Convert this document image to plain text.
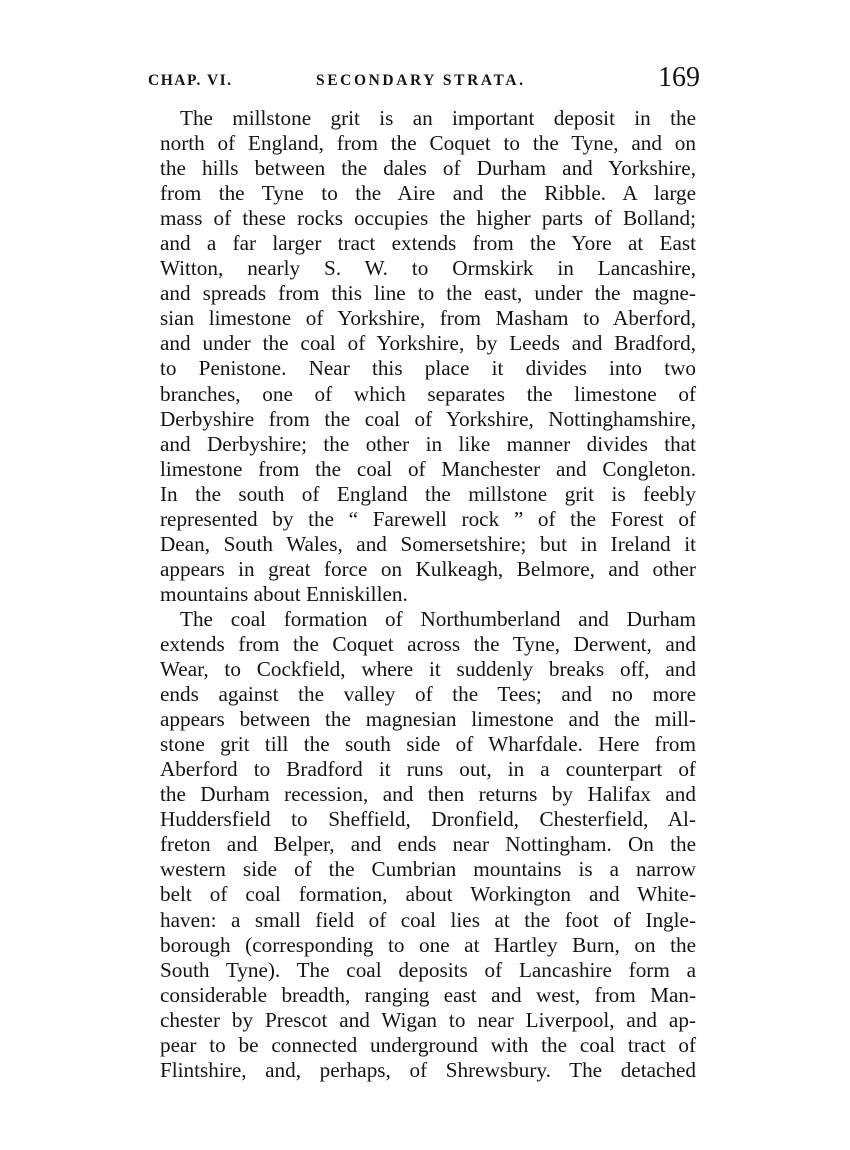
CHAP. VI.	SECONDARY STRATA.	169
The millstone grit is an important deposit in the
north of England, from the Coquet to the Tyne, and on
the hills between the dales of Durham and Yorkshire,
from the Tyne to the Aire and the Ribble. A large
mass of these rocks occupies the higher parts of Bolland;
and a far larger tract extends from the Yore at East
Witton, nearly S. W. to Ormskirk in Lancashire,
and spreads from this line to the east, under the magne-
sian limestone of Yorkshire, from Masham to Aberford,
and under the coal of Yorkshire, by Leeds and Bradford,
to Penistone. Near this place it divides into two
branches, one of which separates the limestone of
Derbyshire from the coal of Yorkshire, Nottinghamshire,
and Derbyshire; the other in like manner divides that
limestone from the coal of Manchester and Congleton.
In the south of England the millstone grit is feebly
represented by the “ Farewell rock ” of the Forest of
Dean, South Wales, and Somersetshire; but in Ireland it
appears in great force on Kulkeagh, Belmore, and other
mountains about Enniskillen.
The coal formation of Northumberland and Durham
extends from the Coquet across the Tyne, Derwent, and
Wear, to Cockfield, where it suddenly breaks off, and
ends against the valley of the Tees; and no more
appears between the magnesian limestone and the mill-
stone grit till the south side of Wharfdale. Here from
Aberford to Bradford it runs out, in a counterpart of
the Durham recession, and then returns by Halifax and
Huddersfield to Sheffield, Dronfield, Chesterfield, Al-
freton and Belper, and ends near Nottingham. On the
western side of the Cumbrian mountains is a narrow
belt of coal formation, about Workington and White-
haven: a small field of coal lies at the foot of Ingle-
borough (corresponding to one at Hartley Burn, on the
South Tyne). The coal deposits of Lancashire form a
considerable breadth, ranging east and west, from Man-
chester by Prescot and Wigan to near Liverpool, and ap-
pear to be connected underground with the coal tract of
Flintshire, and, perhaps, of Shrewsbury. The detached
